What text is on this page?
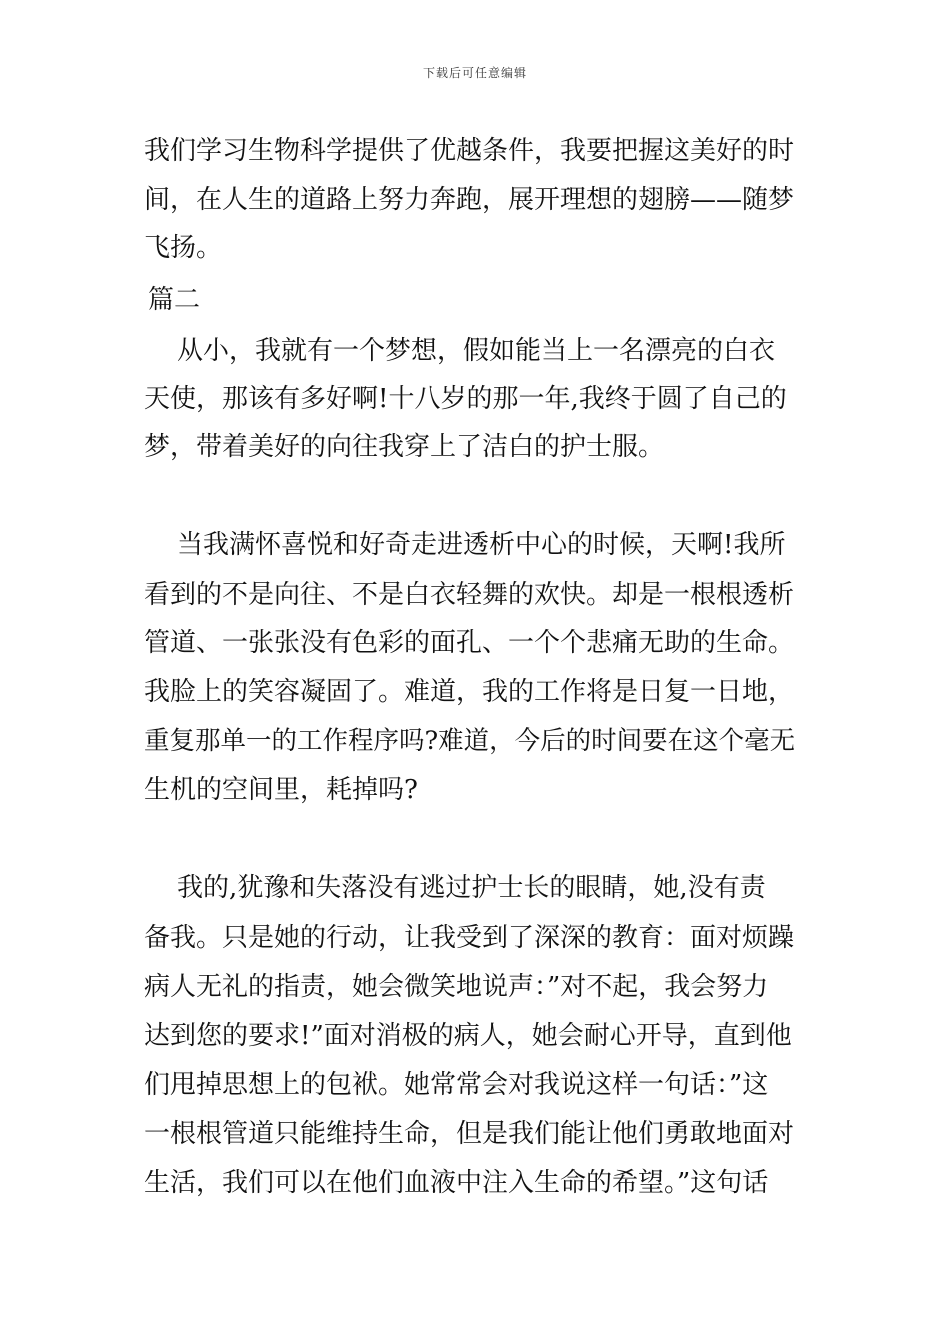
下载后可任意编辑
我们学习生物科学提供了优越条件，我要把握这美好的时
间，在人生的道路上努力奔跑，展开理想的翅膀——随梦
飞扬。
篇二
从小，我就有一个梦想，假如能当上一名漂亮的白衣
天使，那该有多好啊!十八岁的那一年,我终于圆了自己的
梦，带着美好的向往我穿上了洁白的护士服。
当我满怀喜悦和好奇走进透析中心的时候，天啊!我所
看到的不是向往、不是白衣轻舞的欢快。却是一根根透析
管道、一张张没有色彩的面孔、一个个悲痛无助的生命。
我脸上的笑容凝固了。难道，我的工作将是日复一日地，
重复那单一的工作程序吗?难道，今后的时间要在这个毫无
生机的空间里，耗掉吗?
我的,犹豫和失落没有逃过护士长的眼睛，她,没有责
备我。只是她的行动，让我受到了深深的教育：面对烦躁
病人无礼的指责，她会微笑地说声：”对不起，我会努力
达到您的要求!”面对消极的病人，她会耐心开导，直到他
们甩掉思想上的包袱。她常常会对我说这样一句话：”这
一根根管道只能维持生命，但是我们能让他们勇敢地面对
生活，我们可以在他们血液中注入生命的希望。”这句话
